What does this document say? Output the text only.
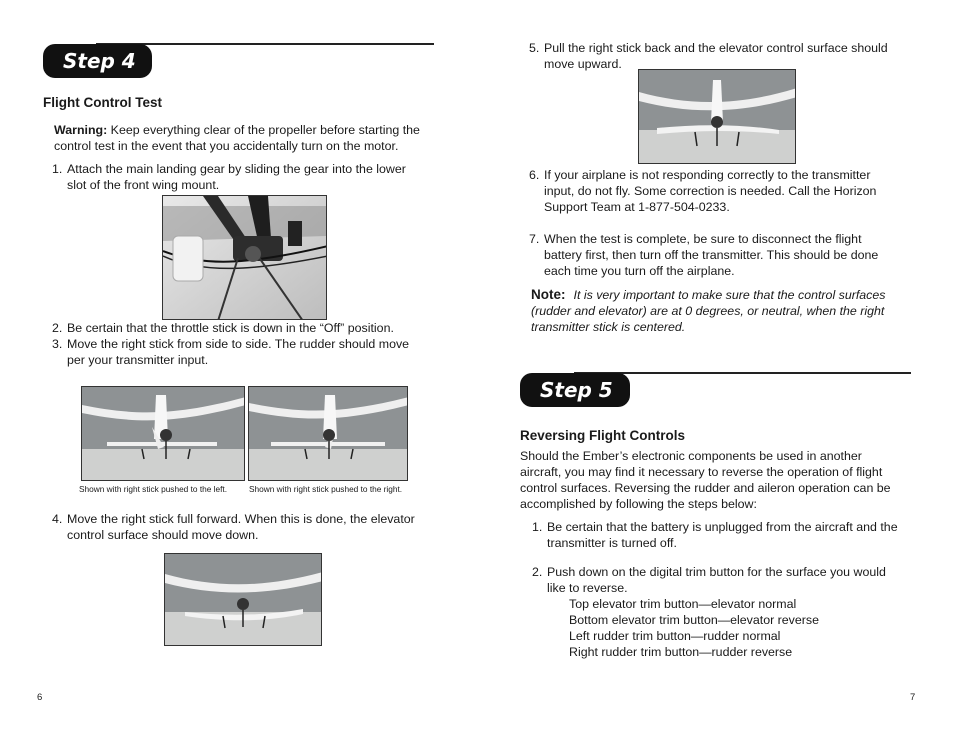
Step 4
Flight Control Test
Warning: Keep everything clear of the propeller before starting the
control test in the event that you accidentally turn on the motor.
1. Attach the main landing gear by sliding the gear into the lower
slot of the front wing mount.
2. Be certain that the throttle stick is down in the “Off” position.
3. Move the right stick from side to side. The rudder should move
per your transmitter input.
Shown with right stick pushed to the left.	Shown with right stick pushed to the right.
4. Move the right stick full forward. When this is done, the elevator
control surface should move down.
6
5. Pull the right stick back and the elevator control surface should
move upward.
6. If your airplane is not responding correctly to the transmitter
input, do not fly. Some correction is needed. Call the Horizon
Support Team at 1-877-504-0233.
7. When the test is complete, be sure to disconnect the flight
battery first, then turn off the transmitter. This should be done
each time you turn off the airplane.
Note: It is very important to make sure that the control surfaces
(rudder and elevator) are at 0 degrees, or neutral, when the right
transmitter stick is centered.
Step 5
Reversing Flight Controls
Should the Ember’s electronic components be used in another
aircraft, you may find it necessary to reverse the operation of flight
control surfaces. Reversing the rudder and aileron operation can be
accomplished by following the steps below:
1. Be certain that the battery is unplugged from the aircraft and the
transmitter is turned off.
2. Push down on the digital trim button for the surface you would
like to reverse.
Top elevator trim button—elevator normal
Bottom elevator trim button—elevator reverse
Left rudder trim button—rudder normal
Right rudder trim button—rudder reverse
7
